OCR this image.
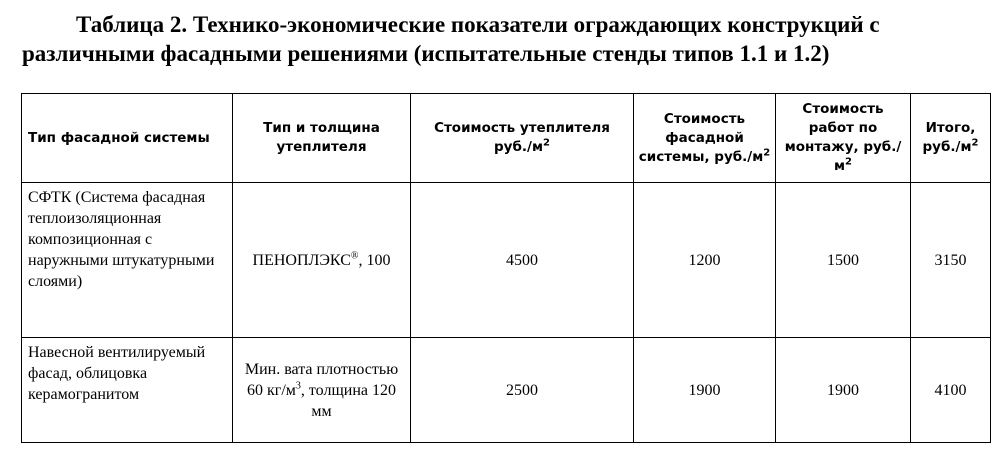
Таблица 2. Технико-экономические показатели ограждающих конструкций с
различными фасадными решениями (испытательные стенды типов 1.1 и 1.2)
Тип фасадной системы	Тип и толщина утеплителя	Стоимость утеплителя $руб./м^2$	Стоимость фасадной системы, $руб./м^2$	Стоимость работ по монтажу, $руб./м^2$	Итого, $руб./м^2$
СФТК (Система фасадная теплоизоляционная композиционная с наружными штукатурными слоями)	ПЕНОПЛЭКС®, 100	4500	1200	1500	3150
Навесной вентилируемый фасад, облицовка керамогранитом	Мин. вата плотностью 60 $кг/м^3$, толщина 120 мм	2500	1900	1900	4100
